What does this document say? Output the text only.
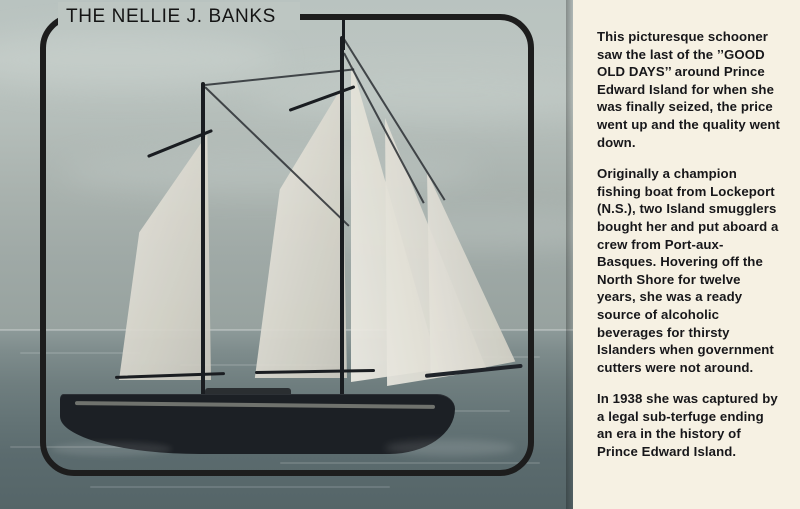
THE NELLIE J. BANKS

This picturesque schooner saw the last of the ’’GOOD OLD DAYS’’ around Prince Edward Island for when she was finally seized, the price went up and the quality went down.

Originally a champion fishing boat from Lockeport (N.S.), two Island smugglers bought her and put aboard a crew from Port-aux-Basques. Hovering off the North Shore for twelve years, she was a ready source of alcoholic beverages for thirsty Islanders when government cutters were not around.

In 1938 she was captured by a legal sub-terfuge ending an era in the history of Prince Edward Island.
